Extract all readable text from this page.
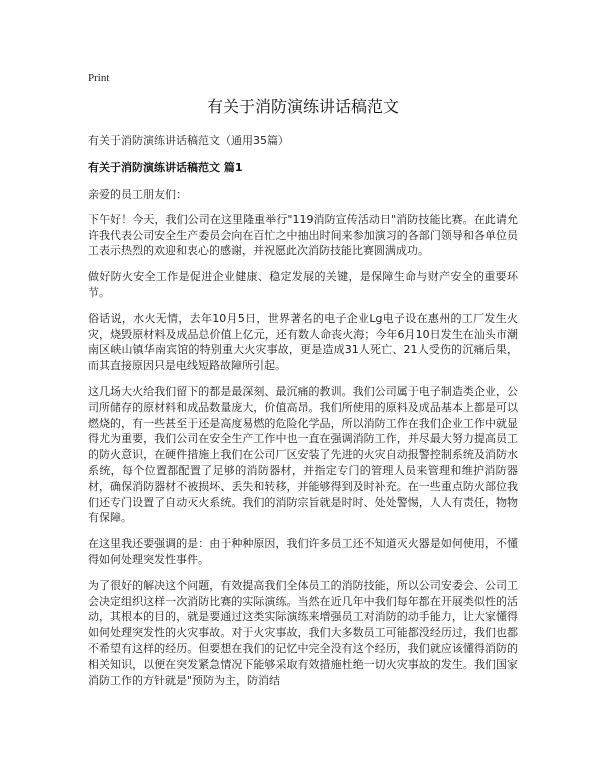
Print
有关于消防演练讲话稿范文
有关于消防演练讲话稿范文（通用35篇）
有关于消防演练讲话稿范文 篇1

亲爱的员工朋友们：

下午好！今天，我们公司在这里隆重举行"119消防宣传活动日"消防技能比赛。在此请允许我代表公司安全生产委员会向在百忙之中抽出时间来参加演习的各部门领导和各单位员工表示热烈的欢迎和衷心的感谢，并祝愿此次消防技能比赛圆满成功。

做好防火安全工作是促进企业健康、稳定发展的关键，是保障生命与财产安全的重要环节。

俗话说，水火无情，去年10月5日，世界著名的电子企业Lg电子设在惠州的工厂发生火灾，烧毁原材料及成品总价值上亿元，还有数人命丧火海；今年6月10日发生在汕头市潮南区峡山镇华南宾馆的特别重大火灾事故，更是造成31人死亡、21人受伤的沉痛后果，而其直接原因只是电线短路故障所引起。

这几场大火给我们留下的都是最深刻、最沉痛的教训。我们公司属于电子制造类企业，公司所储存的原材料和成品数量庞大，价值高昂。我们所使用的原料及成品基本上都是可以燃烧的，有一些甚至于还是高度易燃的危险化学品，所以消防工作在我们企业工作中就显得尤为重要，我们公司在安全生产工作中也一直在强调消防工作，并尽最大努力提高员工的防火意识，在硬件措施上我们在公司厂区安装了先进的火灾自动报警控制系统及消防水系统，每个位置都配置了足够的消防器材，并指定专门的管理人员来管理和维护消防器材，确保消防器材不被损坏、丢失和转移，并能够得到及时补充。在一些重点防火部位我们还专门设置了自动灭火系统。我们的消防宗旨就是时时、处处警惕，人人有责任，物物有保障。

在这里我还要强调的是：由于种种原因，我们许多员工还不知道灭火器是如何使用，不懂得如何处理突发性事件。

为了很好的解决这个问题，有效提高我们全体员工的消防技能，所以公司安委会、公司工会决定组织这样一次消防比赛的实际演练。当然在近几年中我们每年都在开展类似性的活动，其根本的目的，就是要通过这类实际演练来增强员工对消防的动手能力，让大家懂得如何处理突发性的火灾事故。对于火灾事故，我们大多数员工可能都没经历过，我们也都不希望有这样的经历。但要想在我们的记忆中完全没有这个经历，我们就应该懂得消防的相关知识，以便在突发紧急情况下能够采取有效措施杜绝一切火灾事故的发生。我们国家消防工作的方针就是"预防为主，防消结
